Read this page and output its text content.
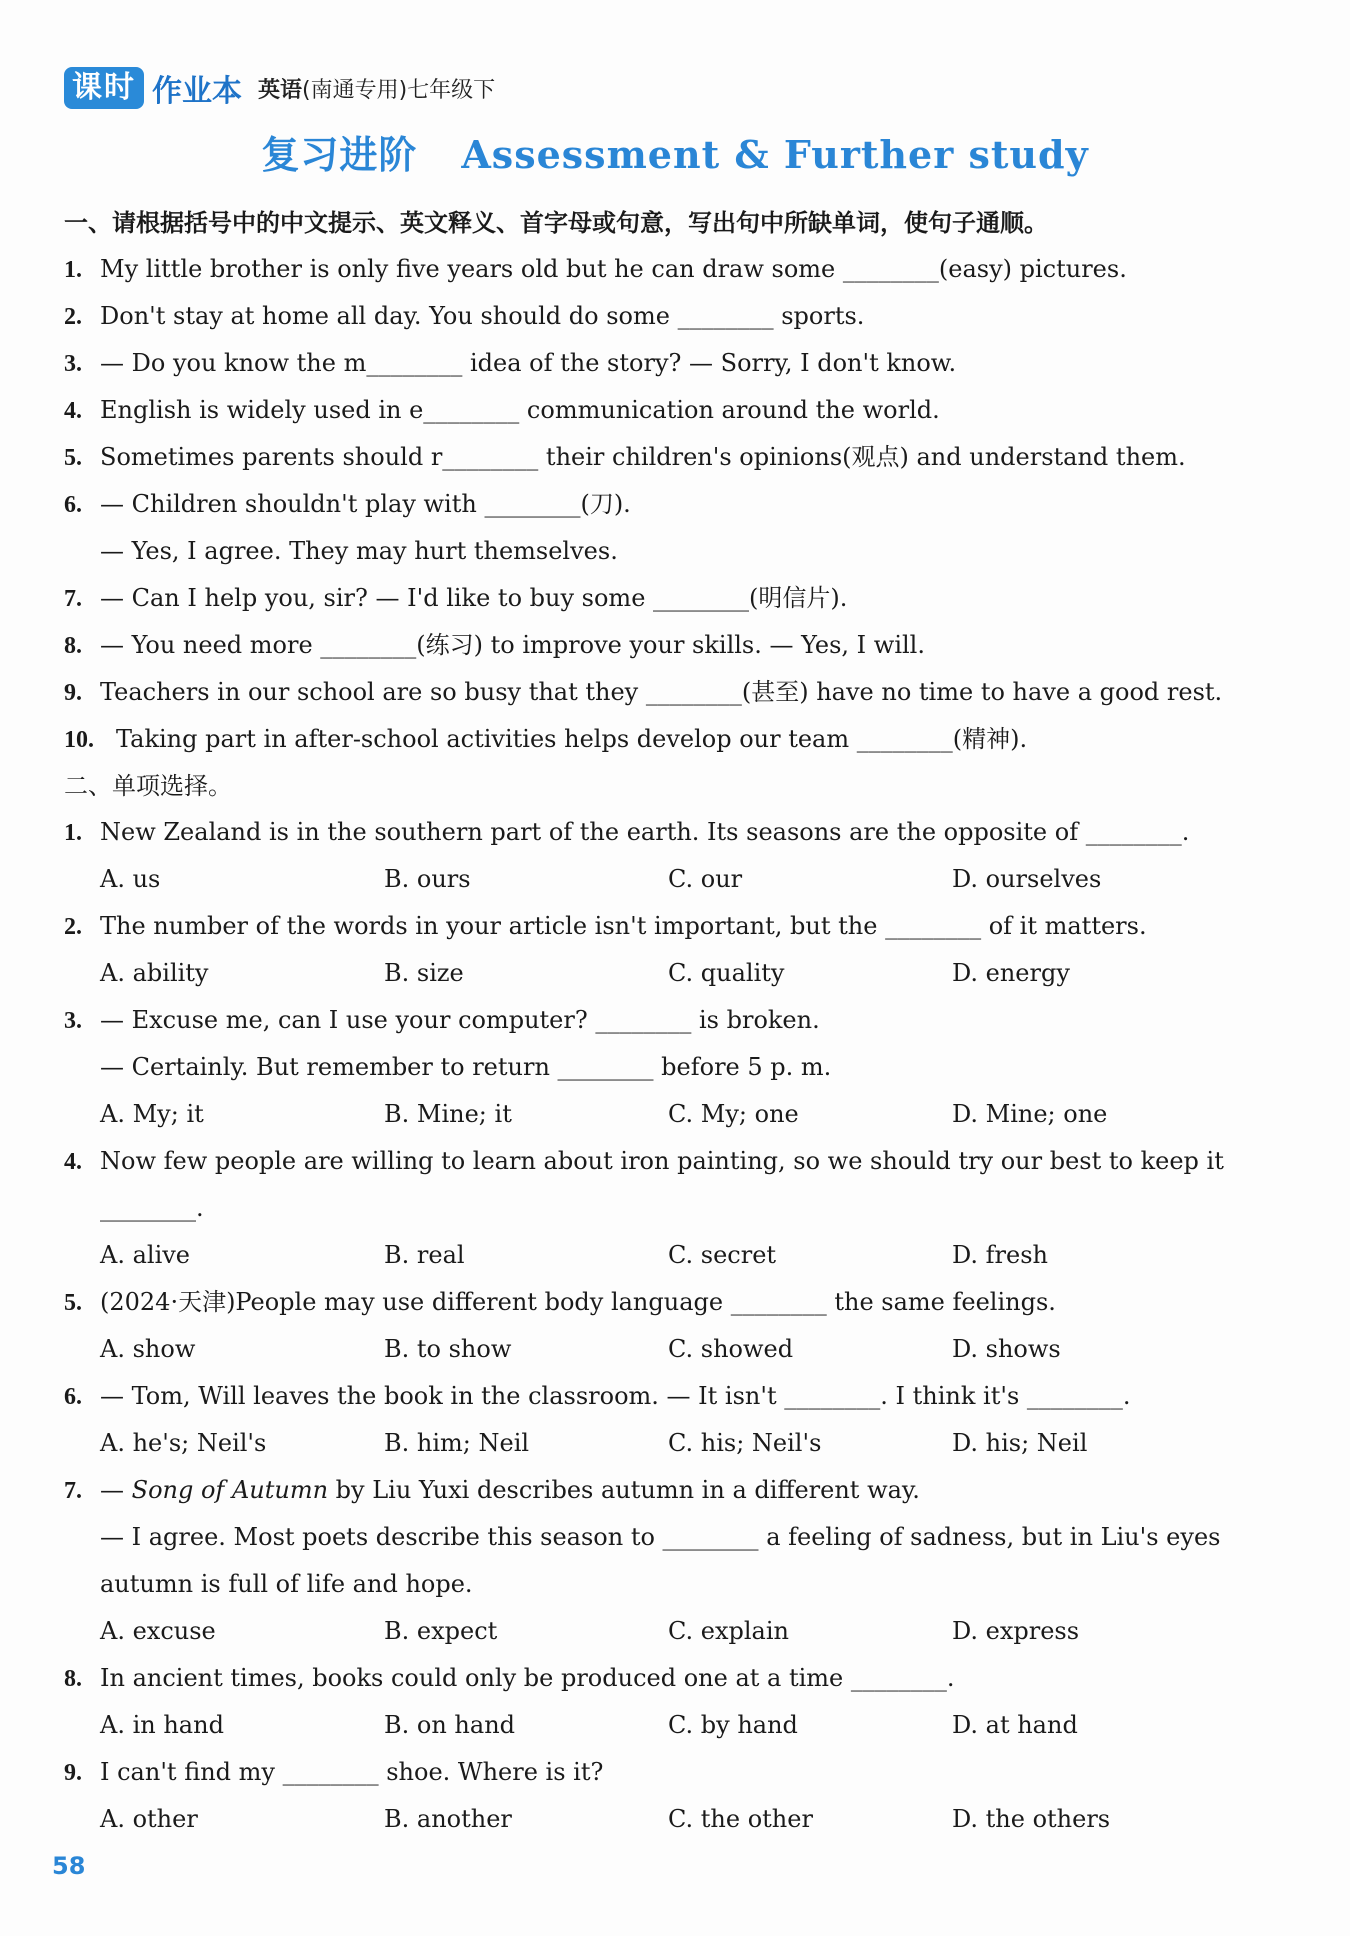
课时 作业本 英语(南通专用)七年级下
复习进阶 Assessment & Further study
一、请根据括号中的中文提示、英文释义、首字母或句意，写出句中所缺单词，使句子通顺。
1. My little brother is only five years old but he can draw some ________(easy) pictures.
2. Don't stay at home all day. You should do some ________ sports.
3. — Do you know the m________ idea of the story? — Sorry, I don't know.
4. English is widely used in e________ communication around the world.
5. Sometimes parents should r________ their children's opinions(观点) and understand them.
6. — Children shouldn't play with ________(刀).
— Yes, I agree. They may hurt themselves.
7. — Can I help you, sir? — I'd like to buy some ________(明信片).
8. — You need more ________(练习) to improve your skills. — Yes, I will.
9. Teachers in our school are so busy that they ________(甚至) have no time to have a good rest.
10. Taking part in after-school activities helps develop our team ________(精神).
二、单项选择。
1. New Zealand is in the southern part of the earth. Its seasons are the opposite of ________.
A. us	B. ours	C. our	D. ourselves
2. The number of the words in your article isn't important, but the ________ of it matters.
A. ability	B. size	C. quality	D. energy
3. — Excuse me, can I use your computer? ________ is broken.
— Certainly. But remember to return ________ before 5 p. m.
A. My; it	B. Mine; it	C. My; one	D. Mine; one
4. Now few people are willing to learn about iron painting, so we should try our best to keep it
________.
A. alive	B. real	C. secret	D. fresh
5. (2024·天津)People may use different body language ________ the same feelings.
A. show	B. to show	C. showed	D. shows
6. — Tom, Will leaves the book in the classroom. — It isn't ________. I think it's ________.
A. he's; Neil's	B. him; Neil	C. his; Neil's	D. his; Neil
7. — Song of Autumn by Liu Yuxi describes autumn in a different way.
— I agree. Most poets describe this season to ________ a feeling of sadness, but in Liu's eyes
autumn is full of life and hope.
A. excuse	B. expect	C. explain	D. express
8. In ancient times, books could only be produced one at a time ________.
A. in hand	B. on hand	C. by hand	D. at hand
9. I can't find my ________ shoe. Where is it?
A. other	B. another	C. the other	D. the others
58
